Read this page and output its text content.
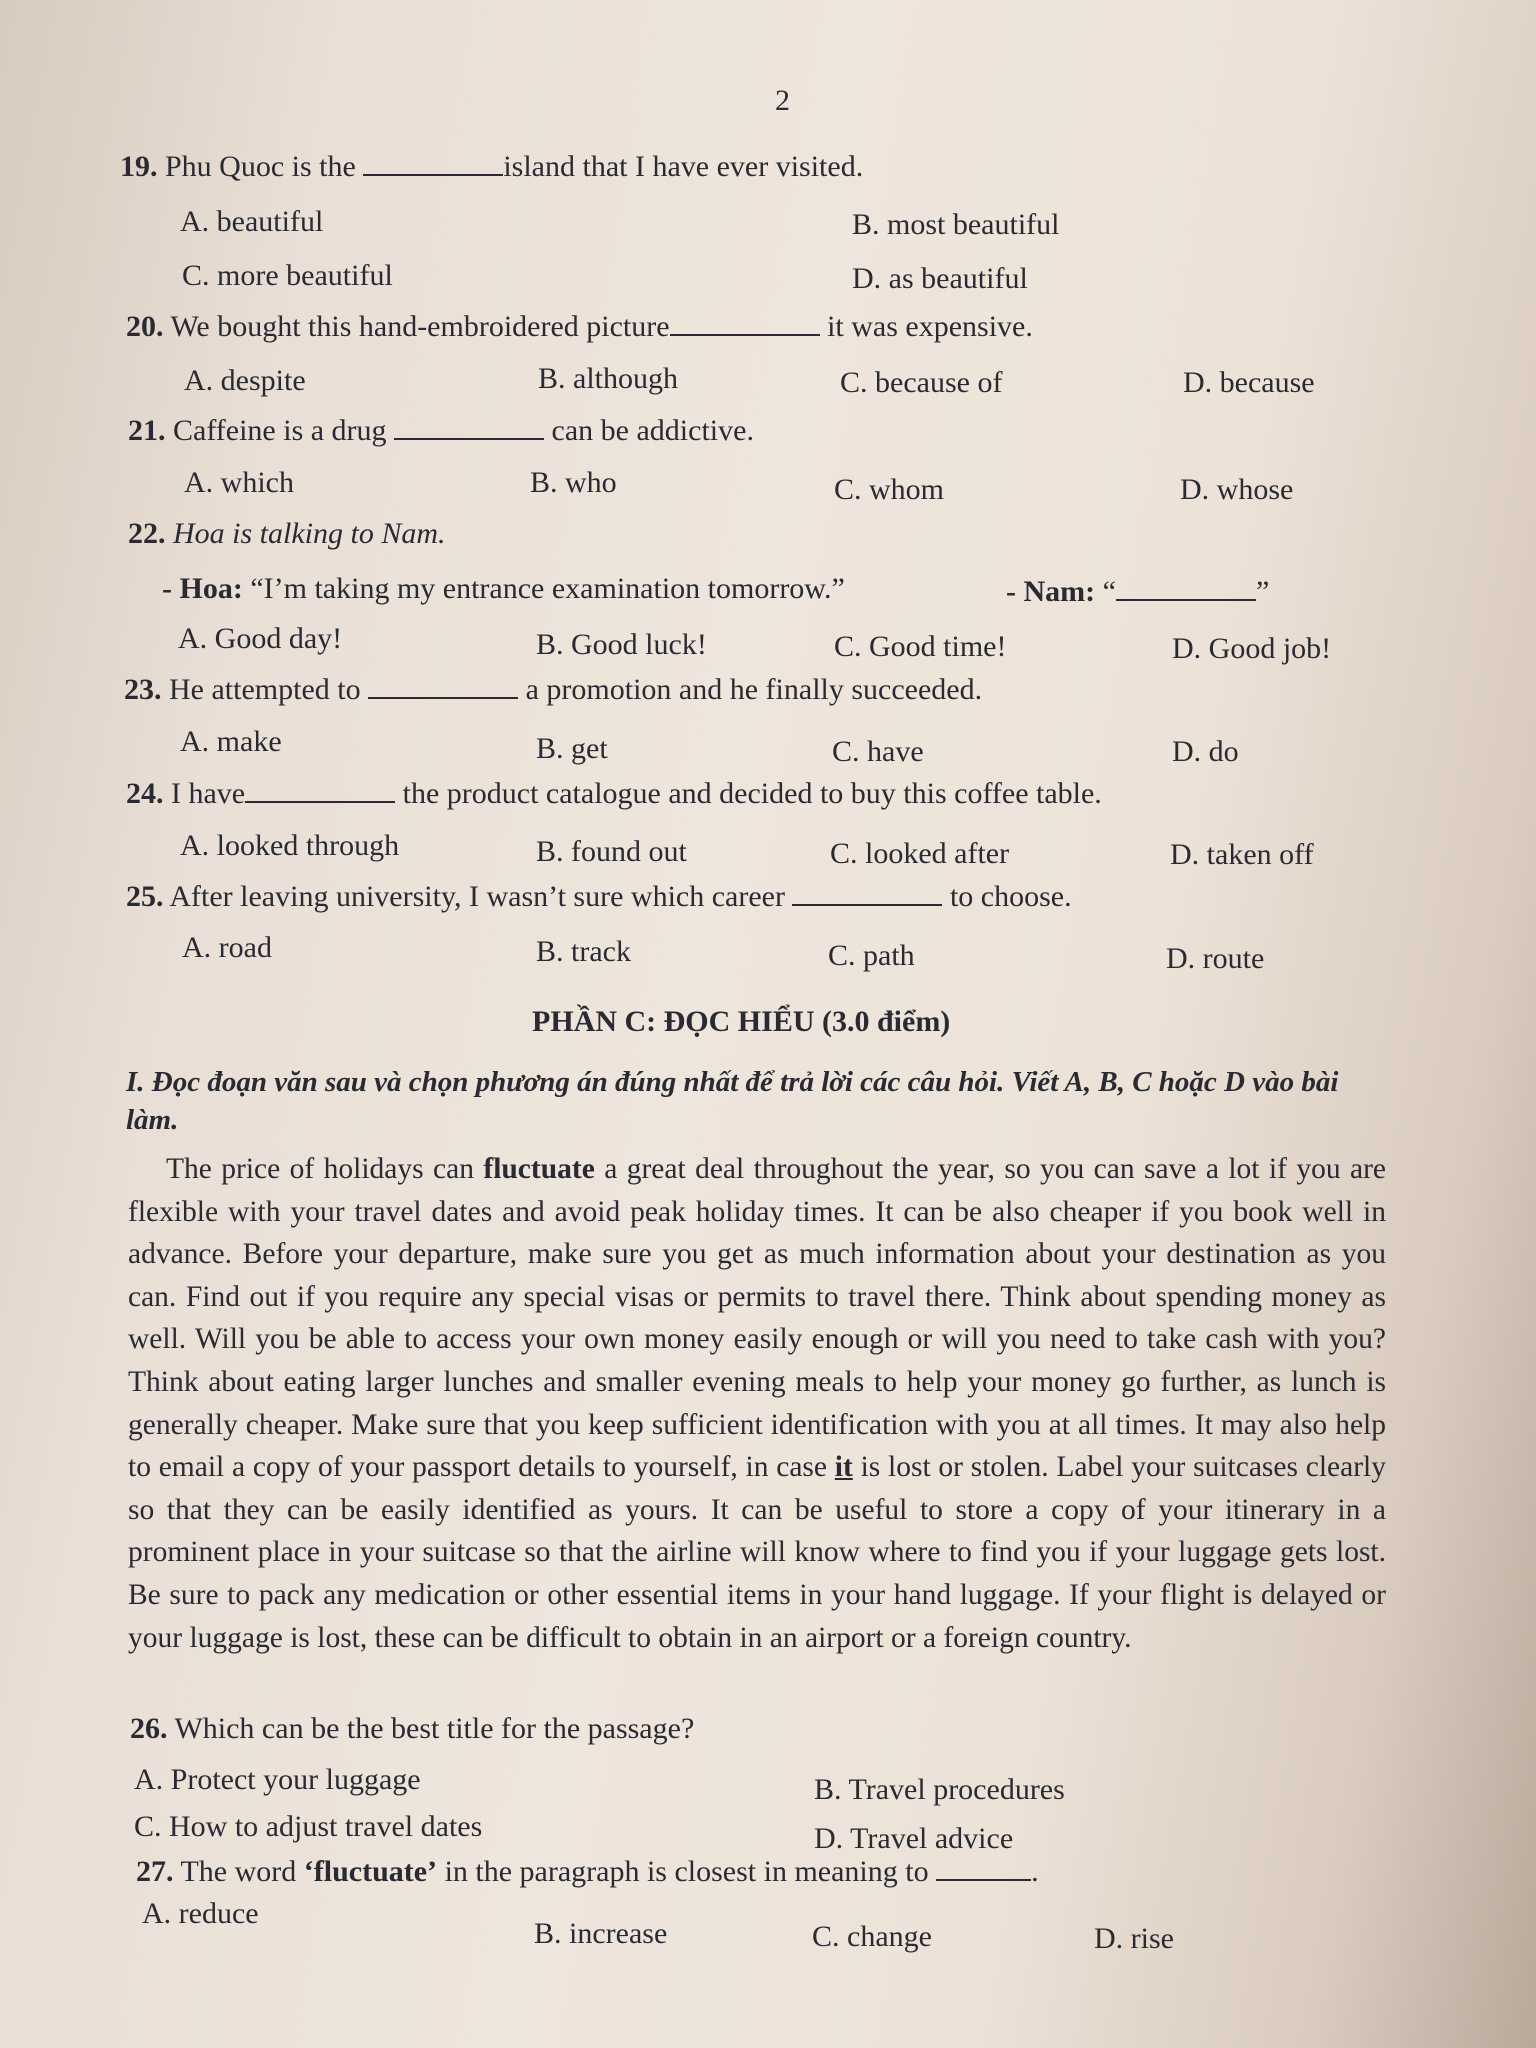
2
19. Phu Quoc is the	island that I have ever visited.
A. beautiful	B. most beautiful
C. more beautiful	D. as beautiful
20. We bought this hand-embroidered picture	it was expensive.
A. despite	B. although	C. because of	D. because
21. Caffeine is a drug	can be addictive.
A. which	B. who	C. whom	D. whose
22. Hoa is talking to Nam.
- Hoa: “I’m taking my entrance examination tomorrow.”	- Nam: “	”
A. Good day!	B. Good luck!	C. Good time!	D. Good job!
23. He attempted to	a promotion and he finally succeeded.
A. make	B. get	C. have	D. do
24. I have	the product catalogue and decided to buy this coffee table.
A. looked through	B. found out	C. looked after	D. taken off
25. After leaving university, I wasn’t sure which career	to choose.
A. road	B. track	C. path	D. route
PHẦN C: ĐỌC HIỂU (3.0 điểm)
I. Đọc đoạn văn sau và chọn phương án đúng nhất để trả lời các câu hỏi. Viết A, B, C hoặc D vào bài làm.
The price of holidays can fluctuate a great deal throughout the year, so you can save a lot if you are flexible with your travel dates and avoid peak holiday times. It can be also cheaper if you book well in advance. Before your departure, make sure you get as much information about your destination as you can. Find out if you require any special visas or permits to travel there. Think about spending money as well. Will you be able to access your own money easily enough or will you need to take cash with you? Think about eating larger lunches and smaller evening meals to help your money go further, as lunch is generally cheaper. Make sure that you keep sufficient identification with you at all times. It may also help to email a copy of your passport details to yourself, in case it is lost or stolen. Label your suitcases clearly so that they can be easily identified as yours. It can be useful to store a copy of your itinerary in a prominent place in your suitcase so that the airline will know where to find you if your luggage gets lost. Be sure to pack any medication or other essential items in your hand luggage. If your flight is delayed or your luggage is lost, these can be difficult to obtain in an airport or a foreign country.
26. Which can be the best title for the passage?
A. Protect your luggage	B. Travel procedures
C. How to adjust travel dates	D. Travel advice
27. The word ‘fluctuate’ in the paragraph is closest in meaning to	.
A. reduce
B. increase	C. change	D. rise
